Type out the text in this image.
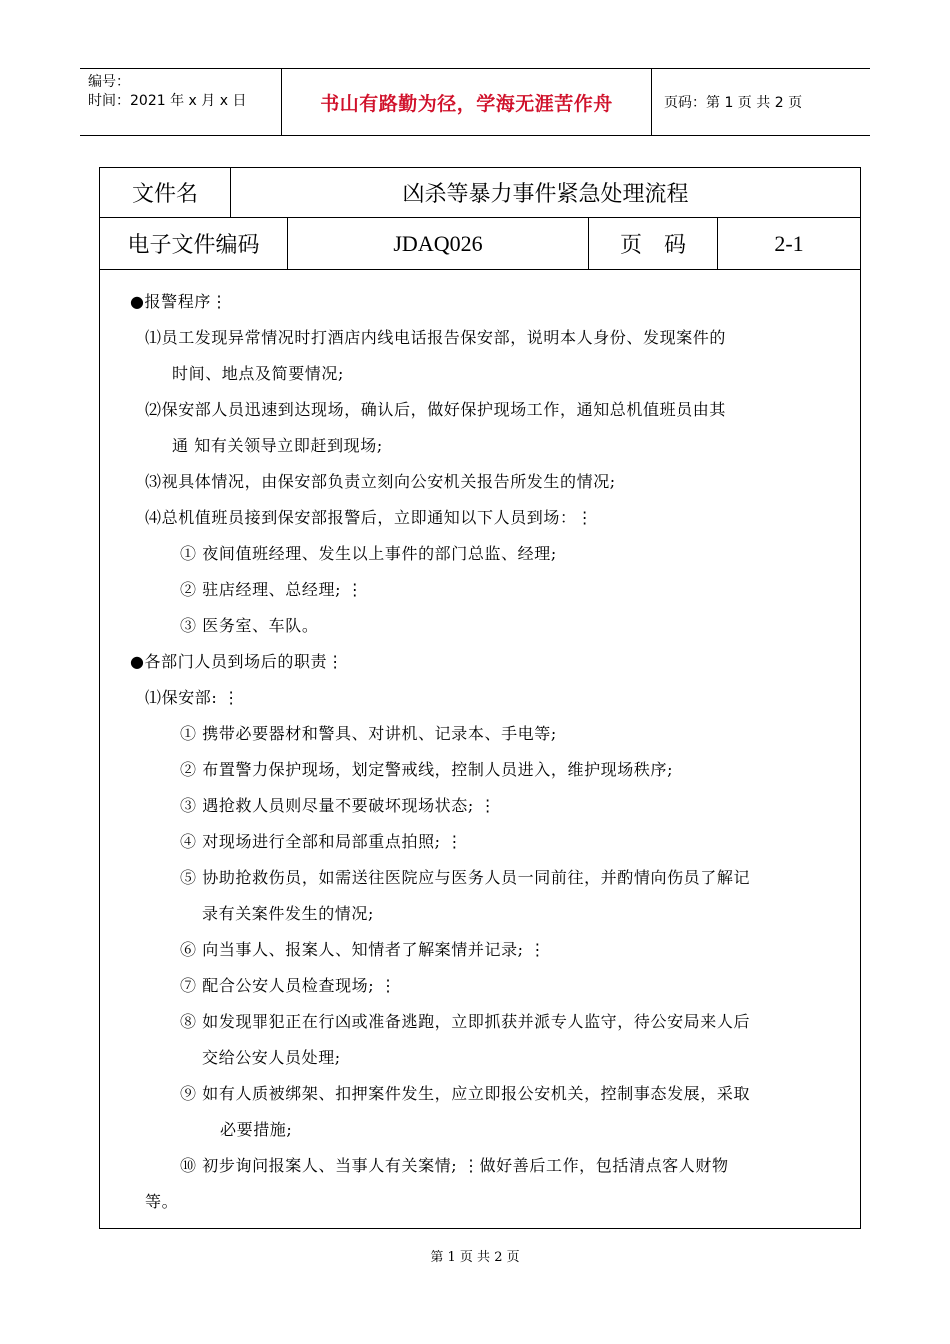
编号：
时间：2021 年 x 月 x 日	书山有路勤为径，学海无涯苦作舟	页码：第 1 页 共 2 页
文件名	凶杀等暴力事件紧急处理流程
电子文件编码	JDAQ026	页　码	2-1
●报警程序⋮
⑴员工发现异常情况时打酒店内线电话报告保安部，说明本人身份、发现案件的
时间、地点及简要情况;
⑵保安部人员迅速到达现场，确认后，做好保护现场工作，通知总机值班员由其
通 知有关领导立即赶到现场;
⑶视具体情况，由保安部负责立刻向公安机关报告所发生的情况;
⑷总机值班员接到保安部报警后，立即通知以下人员到场：⋮
① 夜间值班经理、发生以上事件的部门总监、经理;
② 驻店经理、总经理; ⋮
③ 医务室、车队。
●各部门人员到场后的职责⋮
⑴保安部: ⋮
① 携带必要器材和警具、对讲机、记录本、手电等;
② 布置警力保护现场，划定警戒线，控制人员进入，维护现场秩序;
③ 遇抢救人员则尽量不要破坏现场状态; ⋮
④ 对现场进行全部和局部重点拍照; ⋮
⑤ 协助抢救伤员，如需送往医院应与医务人员一同前往，并酌情向伤员了解记
录有关案件发生的情况;
⑥ 向当事人、报案人、知情者了解案情并记录; ⋮
⑦ 配合公安人员检查现场; ⋮
⑧ 如发现罪犯正在行凶或准备逃跑，立即抓获并派专人监守，待公安局来人后
交给公安人员处理;
⑨ 如有人质被绑架、扣押案件发生，应立即报公安机关，控制事态发展，采取
必要措施;
⑩ 初步询问报案人、当事人有关案情; ⋮做好善后工作，包括清点客人财物
等。
第 1 页 共 2 页
